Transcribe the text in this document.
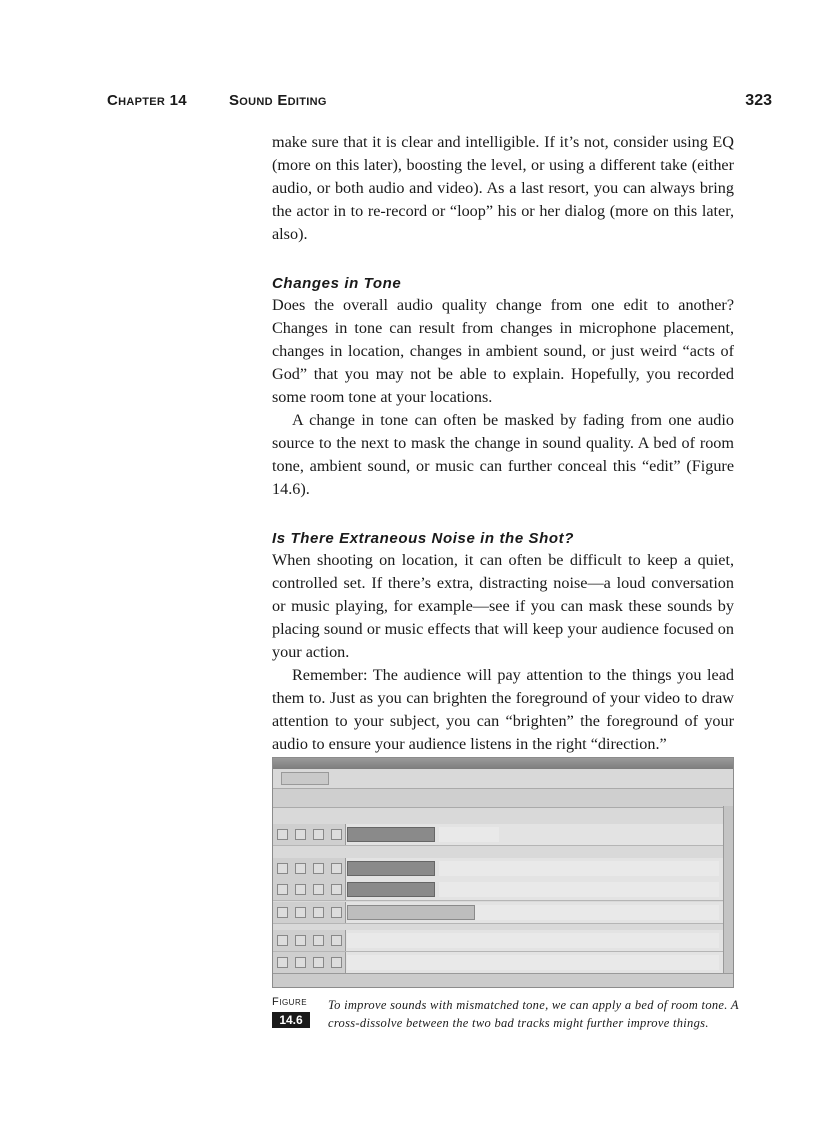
Chapter 14	Sound Editing	323

make sure that it is clear and intelligible. If it’s not, consider using EQ (more on this later), boosting the level, or using a different take (either audio, or both audio and video). As a last resort, you can always bring the actor in to re-record or “loop” his or her dialog (more on this later, also).

Changes in Tone

Does the overall audio quality change from one edit to another? Changes in tone can result from changes in microphone placement, changes in location, changes in ambient sound, or just weird “acts of God” that you may not be able to explain. Hopefully, you recorded some room tone at your locations.

A change in tone can often be masked by fading from one audio source to the next to mask the change in sound quality. A bed of room tone, ambient sound, or music can further conceal this “edit” (Figure 14.6).

Is There Extraneous Noise in the Shot?

When shooting on location, it can often be difficult to keep a quiet, controlled set. If there’s extra, distracting noise—a loud conversation or music playing, for example—see if you can mask these sounds by placing sound or music effects that will keep your audience focused on your action.

Remember: The audience will pay attention to the things you lead them to. Just as you can brighten the foreground of your video to draw attention to your subject, you can “brighten” the foreground of your audio to ensure your audience listens in the right “direction.”

Figure
14.6
To improve sounds with mismatched tone, we can apply a bed of room tone. A cross-dissolve between the two bad tracks might further improve things.
